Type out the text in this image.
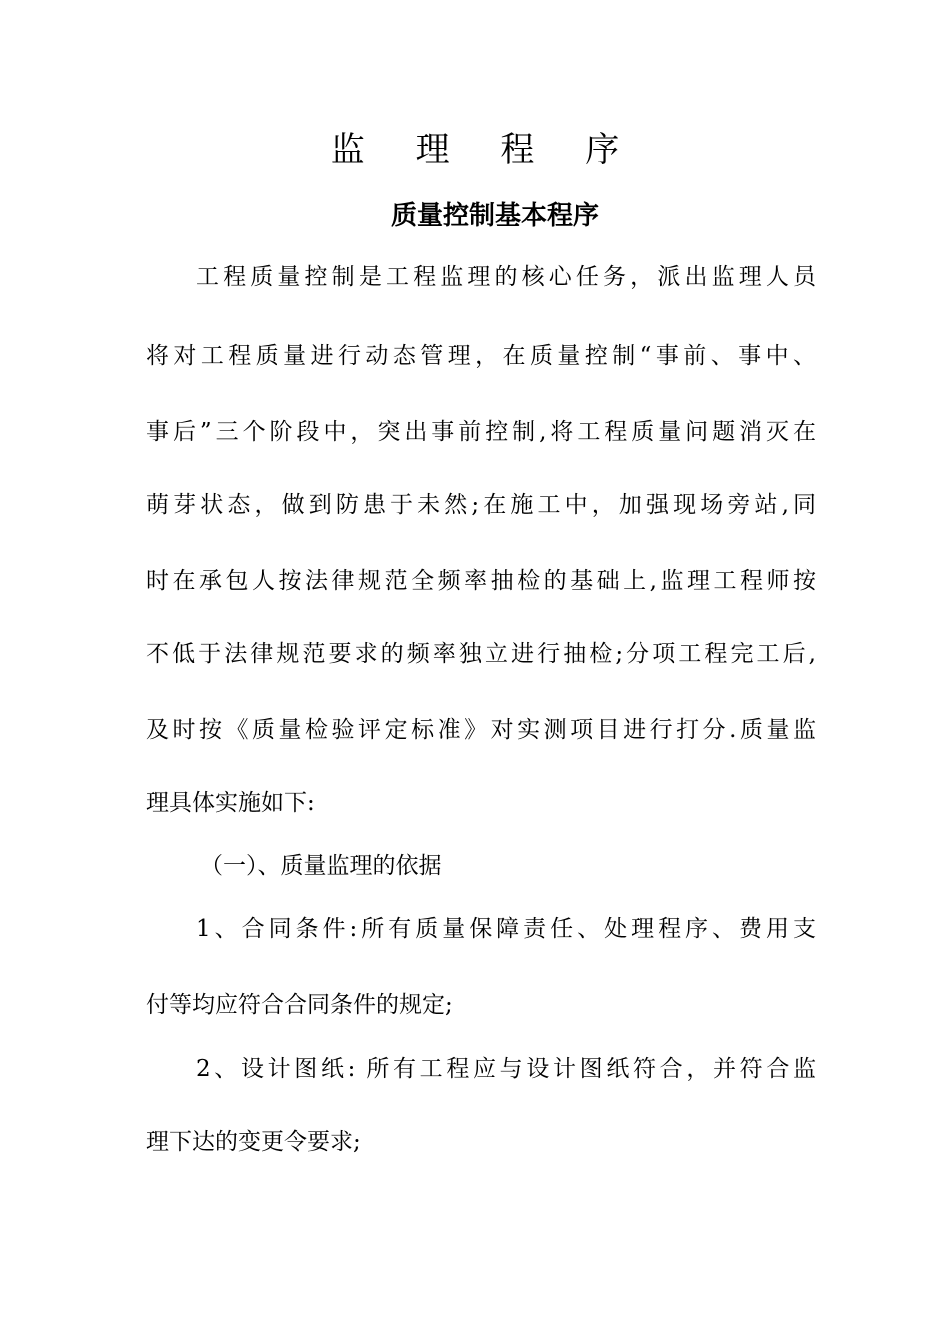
监 理 程 序
质量控制基本程序
工程质量控制是工程监理的核心任务，派出监理人员
将对工程质量进行动态管理，在质量控制“事前、事中、
事后”三个阶段中，突出事前控制,将工程质量问题消灭在
萌芽状态，做到防患于未然;在施工中，加强现场旁站,同
时在承包人按法律规范全频率抽检的基础上,监理工程师按
不低于法律规范要求的频率独立进行抽检;分项工程完工后,
及时按《质量检验评定标准》对实测项目进行打分.质量监
理具体实施如下:
（一）、质量监理的依据
1、合同条件:所有质量保障责任、处理程序、费用支
付等均应符合合同条件的规定;
2、设计图纸: 所有工程应与设计图纸符合，并符合监
理下达的变更令要求;
